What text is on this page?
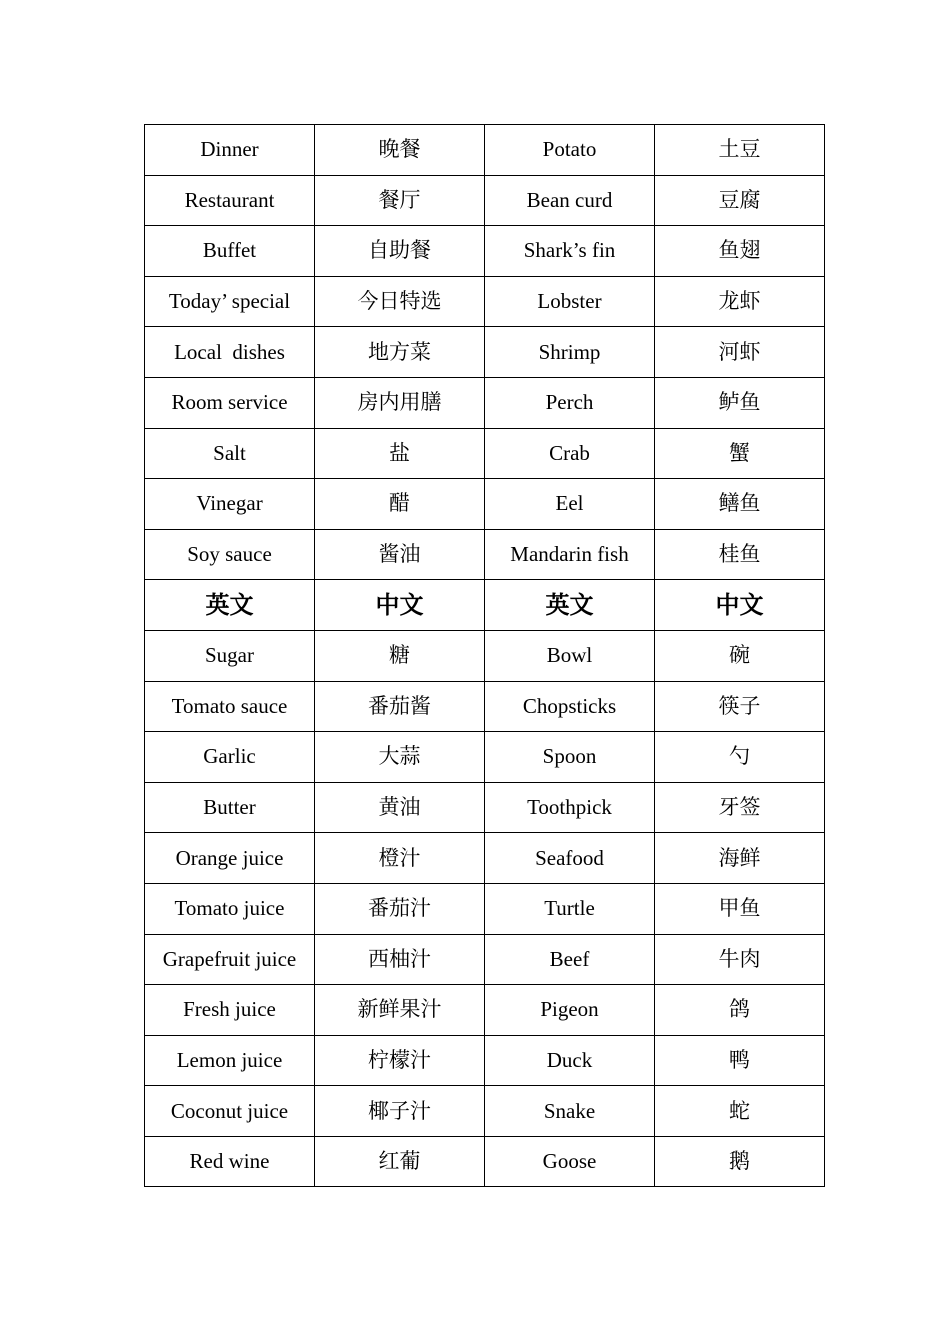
Dinner	晚餐	Potato	土豆
Restaurant	餐厅	Bean curd	豆腐
Buffet	自助餐	Shark’s fin	鱼翅
Today’ special	今日特选	Lobster	龙虾
Local  dishes	地方菜	Shrimp	河虾
Room service	房内用膳	Perch	鲈鱼
Salt	盐	Crab	蟹
Vinegar	醋	Eel	鳝鱼
Soy sauce	酱油	Mandarin fish	桂鱼
英文	中文	英文	中文
Sugar	糖	Bowl	碗
Tomato sauce	番茄酱	Chopsticks	筷子
Garlic	大蒜	Spoon	勺
Butter	黄油	Toothpick	牙签
Orange juice	橙汁	Seafood	海鲜
Tomato juice	番茄汁	Turtle	甲鱼
Grapefruit juice	西柚汁	Beef	牛肉
Fresh juice	新鲜果汁	Pigeon	鸽
Lemon juice	柠檬汁	Duck	鸭
Coconut juice	椰子汁	Snake	蛇
Red wine	红葡	Goose	鹅
